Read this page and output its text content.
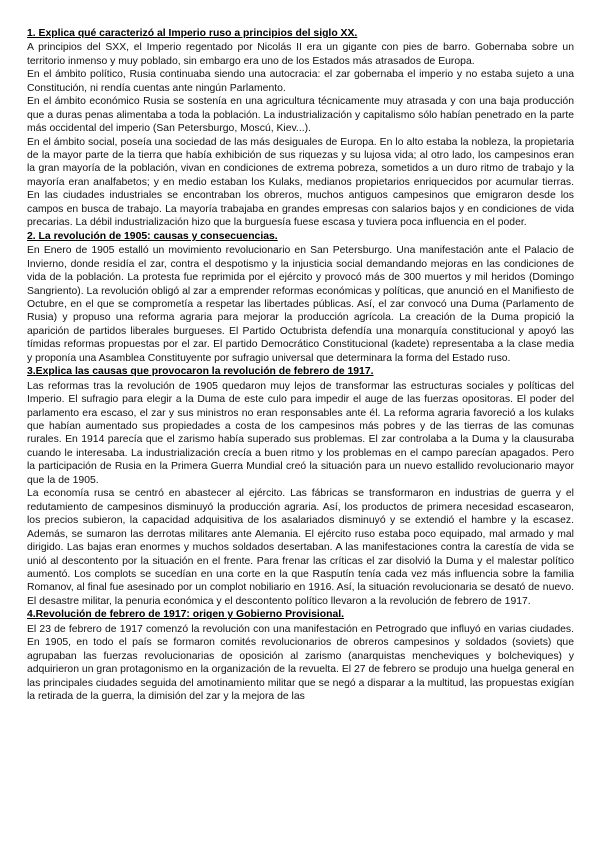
1. Explica qué caracterizó al Imperio ruso a principios del siglo XX.

A principios del SXX, el Imperio regentado por Nicolás II era un gigante con pies de barro. Gobernaba sobre un territorio inmenso y muy poblado, sin embargo era uno de los Estados más atrasados de Europa.

En el ámbito político, Rusia continuaba siendo una autocracia: el zar gobernaba el imperio y no estaba sujeto a una Constitución, ni rendía cuentas ante ningún Parlamento.

En el ámbito económico Rusia se sostenía en una agricultura técnicamente muy atrasada y con una baja producción que a duras penas alimentaba a toda la población. La industrialización y capitalismo sólo habían penetrado en la parte más occidental del imperio (San Petersburgo, Moscú, Kiev...).

En el ámbito social, poseía una sociedad de las más desiguales de Europa. En lo alto estaba la nobleza, la propietaria de la mayor parte de la tierra que había exhibición de sus riquezas y su lujosa vida; al otro lado, los campesinos eran la gran mayoría de la población, vivan en condiciones de extrema pobreza, sometidos a un duro ritmo de trabajo y la mayoría eran analfabetos; y en medio estaban los Kulaks, medianos propietarios enriquecidos por acumular tierras. En las ciudades industriales se encontraban los obreros, muchos antiguos campesinos que emigraron desde los campos en busca de trabajo. La mayoría trabajaba en grandes empresas con salarios bajos y en condiciones de vida precarias. La débil industrialización hizo que la burguesía fuese escasa y tuviera poca influencia en el poder.

2. La revolución de 1905: causas y consecuencias.

En Enero de 1905 estalló un movimiento revolucionario en San Petersburgo. Una manifestación ante el Palacio de Invierno, donde residía el zar, contra el despotismo y la injusticia social demandando mejoras en las condiciones de vida de la población. La protesta fue reprimida por el ejército y provocó más de 300 muertos y mil heridos (Domingo Sangriento). La revolución obligó al zar a emprender reformas económicas y políticas, que anunció en el Manifiesto de Octubre, en el que se comprometía a respetar las libertades públicas. Así, el zar convocó una Duma (Parlamento de Rusia) y propuso una reforma agraria para mejorar la producción agrícola. La creación de la Duma propició la aparición de partidos liberales burgueses. El Partido Octubrista defendía una monarquía constitucional y apoyó las tímidas reformas propuestas por el zar. El partido Democrático Constitucional (kadete) representaba a la clase media y proponía una Asamblea Constituyente por sufragio universal que determinara la forma del Estado ruso.

3.Explica las causas que provocaron la revolución de febrero de 1917.

Las reformas tras la revolución de 1905 quedaron muy lejos de transformar las estructuras sociales y políticas del Imperio. El sufragio para elegir a la Duma de este culo para impedir el auge de las fuerzas opositoras. El poder del parlamento era escaso, el zar y sus ministros no eran responsables ante él. La reforma agraria favoreció a los kulaks que habían aumentado sus propiedades a costa de los campesinos más pobres y de las tierras de las comunas rurales. En 1914 parecía que el zarismo había superado sus problemas. El zar controlaba a la Duma y la clausuraba cuando le interesaba. La industrialización crecía a buen ritmo y los problemas en el campo parecían apagados. Pero la participación de Rusia en la Primera Guerra Mundial creó la situación para un nuevo estallido revolucionario mayor que la de 1905.

La economía rusa se centró en abastecer al ejército. Las fábricas se transformaron en industrias de guerra y el redutamiento de campesinos disminuyó la producción agraria. Así, los productos de primera necesidad escasearon, los precios subieron, la capacidad adquisitiva de los asalariados disminuyó y se extendió el hambre y la escasez. Además, se sumaron las derrotas militares ante Alemania. El ejército ruso estaba poco equipado, mal armado y mal dirigido. Las bajas eran enormes y muchos soldados desertaban. A las manifestaciones contra la carestía de vida se unió al descontento por la situación en el frente. Para frenar las críticas el zar disolvió la Duma y el malestar político aumentó. Los complots se sucedían en una corte en la que Rasputín tenía cada vez más influencia sobre la familia Romanov, al final fue asesinado por un complot nobiliario en 1916. Así, la situación revolucionaria se desató de nuevo. El desastre militar, la penuria económica y el descontento político llevaron a la revolución de febrero de 1917.

4.Revolución de febrero de 1917: origen y Gobierno Provisional.

El 23 de febrero de 1917 comenzó la revolución con una manifestación en Petrogrado que influyó en varias ciudades. En 1905, en todo el país se formaron comités revolucionarios de obreros campesinos y soldados (soviets) que agrupaban las fuerzas revolucionarias de oposición al zarismo (anarquistas mencheviques y bolcheviques) y adquirieron un gran protagonismo en la organización de la revuelta. El 27 de febrero se produjo una huelga general en las principales ciudades seguida del amotinamiento militar que se negó a disparar a la multitud, las propuestas exigían la retirada de la guerra, la dimisión del zar y la mejora de las
